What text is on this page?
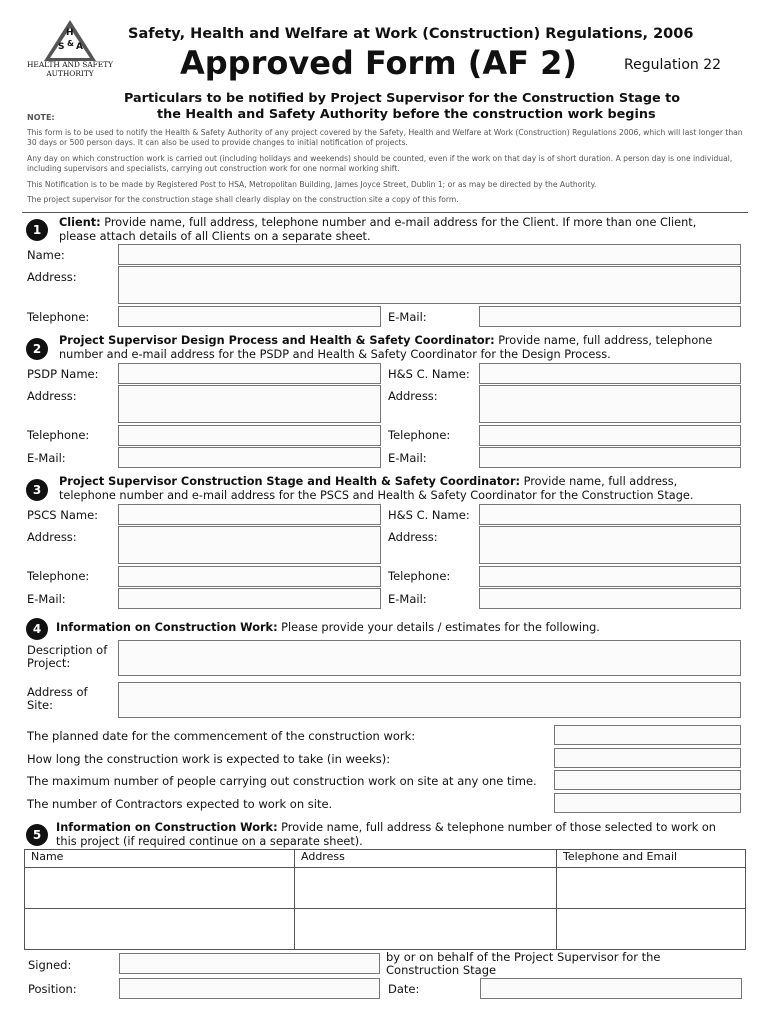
H
S & A
HEALTH AND SAFETY
AUTHORITY
Safety, Health and Welfare at Work (Construction) Regulations, 2006
Approved Form (AF 2)	Regulation 22
Particulars to be notified by Project Supervisor for the Construction Stage to
the Health and Safety Authority before the construction work begins
NOTE:
This form is to be used to notify the Health & Safety Authority of any project covered by the Safety, Health and Welfare at Work (Construction) Regulations 2006, which will last longer than 30 days or 500 person days. It can also be used to provide changes to initial notification of projects.
Any day on which construction work is carried out (including holidays and weekends) should be counted, even if the work on that day is of short duration. A person day is one individual, including supervisors and specialists, carrying out construction work for one normal working shift.
This Notification is to be made by Registered Post to HSA, Metropolitan Building, James Joyce Street, Dublin 1; or as may be directed by the Authority.
The project supervisor for the construction stage shall clearly display on the construction site a copy of this form.
1
Client: Provide name, full address, telephone number and e-mail address for the Client. If more than one Client,
please attach details of all Clients on a separate sheet.
Name:
Address:
Telephone:	E-Mail:
2
Project Supervisor Design Process and Health & Safety Coordinator: Provide name, full address, telephone
number and e-mail address for the PSDP and Health & Safety Coordinator for the Design Process.
PSDP Name:	H&S C. Name:
Address:	Address:
Telephone:	Telephone:
E-Mail:	E-Mail:
3
Project Supervisor Construction Stage and Health & Safety Coordinator: Provide name, full address,
telephone number and e-mail address for the PSCS and Health & Safety Coordinator for the Construction Stage.
PSCS Name:	H&S C. Name:
Address:	Address:
Telephone:	Telephone:
E-Mail:	E-Mail:
4	Information on Construction Work: Please provide your details / estimates for the following.
Description of
Project:
Address of
Site:
The planned date for the commencement of the construction work:
How long the construction work is expected to take (in weeks):
The maximum number of people carrying out construction work on site at any one time.
The number of Contractors expected to work on site.
5
Information on Construction Work: Provide name, full address & telephone number of those selected to work on
this project (if required continue on a separate sheet).
Name	Address	Telephone and Email

Signed:
by or on behalf of the Project Supervisor for the
Construction Stage
Position:	Date:
